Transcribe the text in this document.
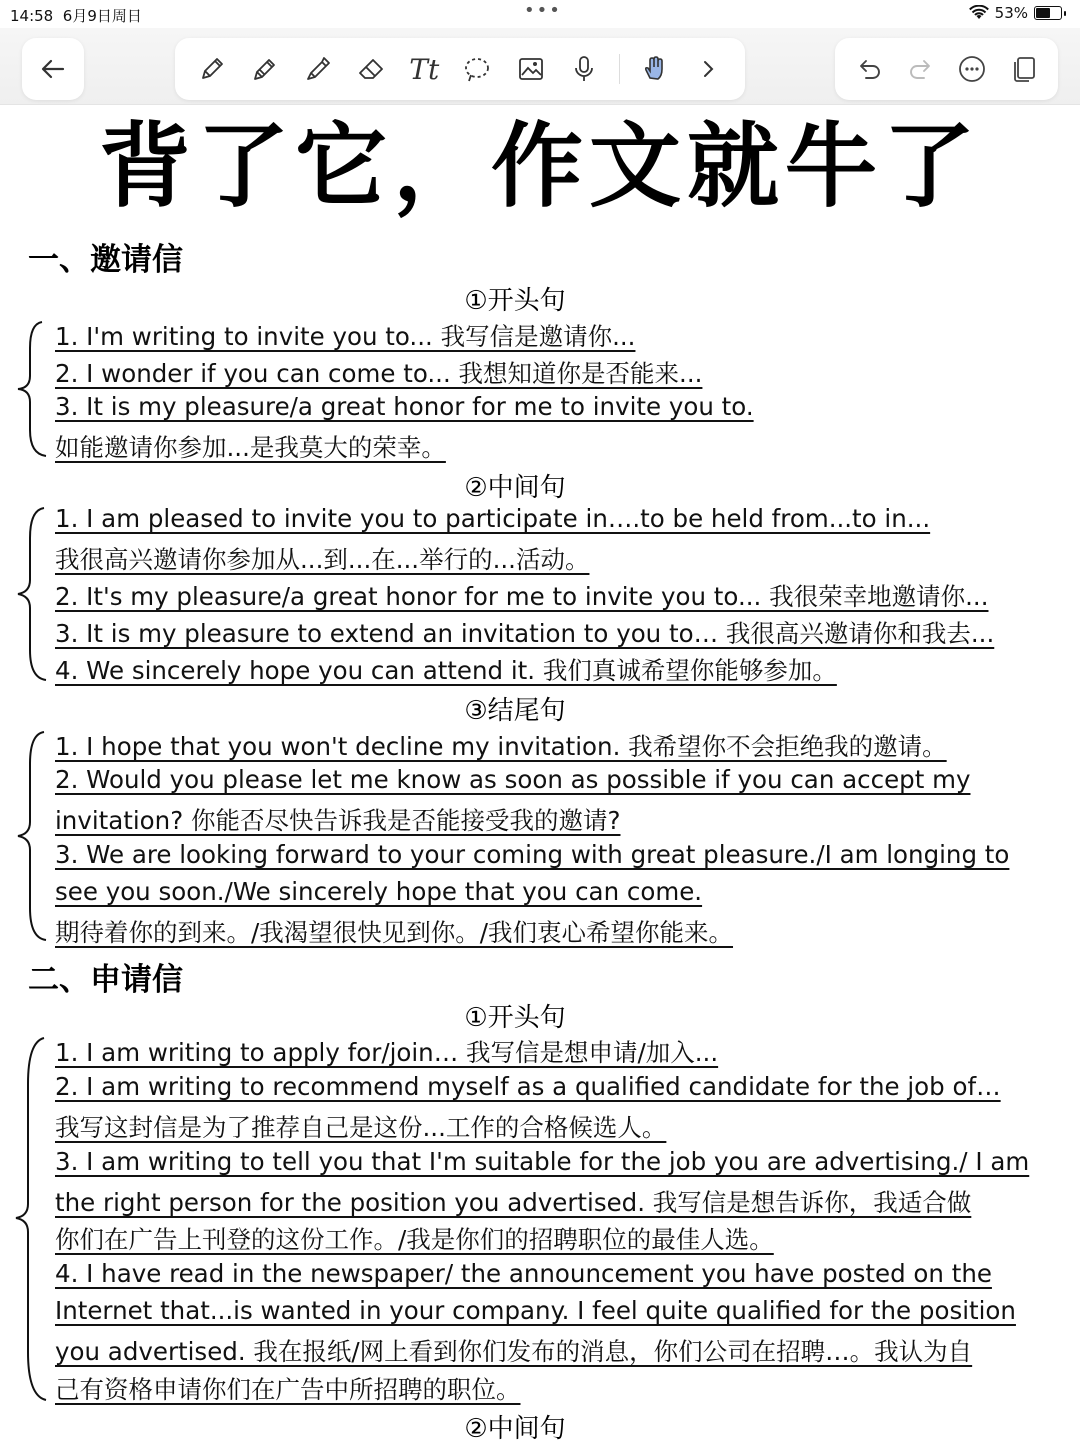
14:58 6月9日周日	•••	53%
Tt
背了它，作文就牛了
一、邀请信
①开头句
1. I'm writing to invite you to... 我写信是邀请你...
2. I wonder if you can come to... 我想知道你是否能来...
3. It is my pleasure/a great honor for me to invite you to.
如能邀请你参加...是我莫大的荣幸。
②中间句
1. I am pleased to invite you to participate in….to be held from...to in...
我很高兴邀请你参加从...到...在...举行的...活动。
2. It's my pleasure/a great honor for me to invite you to... 我很荣幸地邀请你...
3. It is my pleasure to extend an invitation to you to… 我很高兴邀请你和我去...
4. We sincerely hope you can attend it. 我们真诚希望你能够参加。
③结尾句
1. I hope that you won't decline my invitation. 我希望你不会拒绝我的邀请。
2. Would you please let me know as soon as possible if you can accept my
invitation? 你能否尽快告诉我是否能接受我的邀请?
3. We are looking forward to your coming with great pleasure./I am longing to
see you soon./We sincerely hope that you can come.
期待着你的到来。/我渴望很快见到你。/我们衷心希望你能来。
二、申请信
①开头句
1. I am writing to apply for/join… 我写信是想申请/加入...
2. I am writing to recommend myself as a qualified candidate for the job of…
我写这封信是为了推荐自己是这份...工作的合格候选人。
3. I am writing to tell you that I'm suitable for the job you are advertising./ I am
the right person for the position you advertised. 我写信是想告诉你，我适合做
你们在广告上刊登的这份工作。/我是你们的招聘职位的最佳人选。
4. I have read in the newspaper/ the announcement you have posted on the
Internet that...is wanted in your company. I feel quite qualified for the position
you advertised. 我在报纸/网上看到你们发布的消息，你们公司在招聘…。我认为自
己有资格申请你们在广告中所招聘的职位。
②中间句
